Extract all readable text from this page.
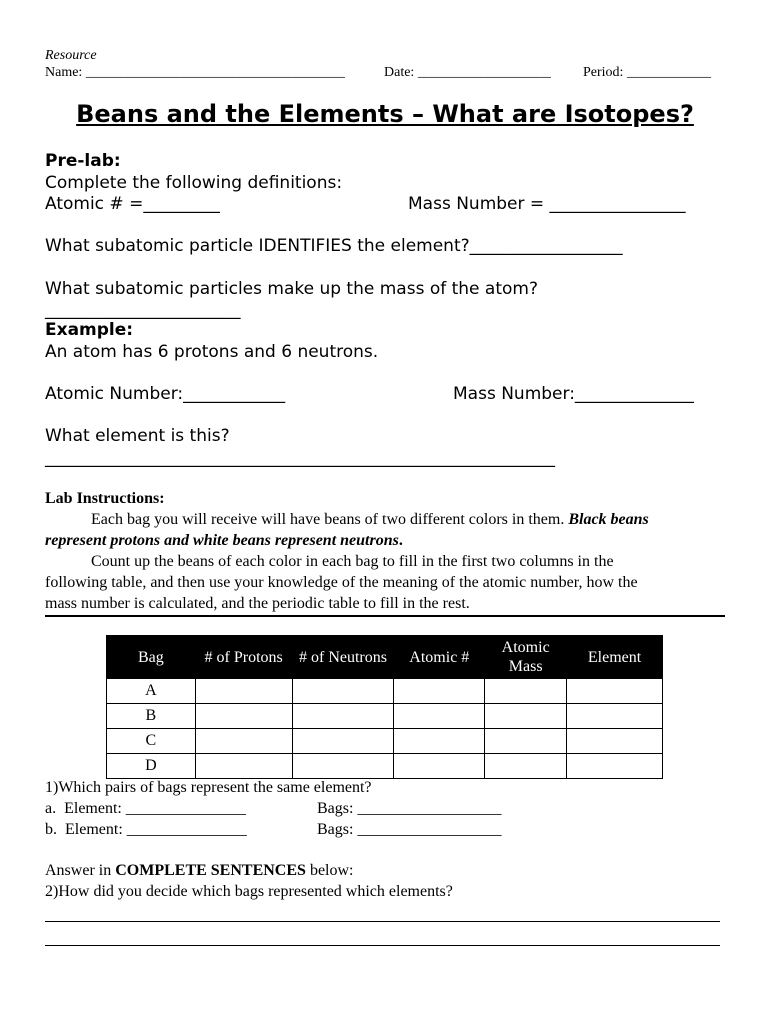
Resource
Name: _____________________________________	Date: ___________________ Period: ____________
Beans and the Elements – What are Isotopes?
Pre-lab:
Complete the following definitions:
Atomic # =_________	Mass Number = ________________
What subatomic particle IDENTIFIES the element?__________________
What subatomic particles make up the mass of the atom?
_______________________
Example:
An atom has 6 protons and 6 neutrons.
Atomic Number:____________	Mass Number:______________
What element is this?
____________________________________________________________
Lab Instructions:
Each bag you will receive will have beans of two different colors in them. Black beans
represent protons and white beans represent neutrons.
Count up the beans of each color in each bag to fill in the first two columns in the
following table, and then use your knowledge of the meaning of the atomic number, how the
mass number is calculated, and the periodic table to fill in the rest.
Bag	# of Protons	# of Neutrons	Atomic #	Atomic Mass	Element
A					
B					
C					
D					
1)Which pairs of bags represent the same element?
a.  Element: _______________	Bags: __________________
b.  Element: _______________	Bags: __________________
Answer in COMPLETE SENTENCES below:
2)How did you decide which bags represented which elements?
